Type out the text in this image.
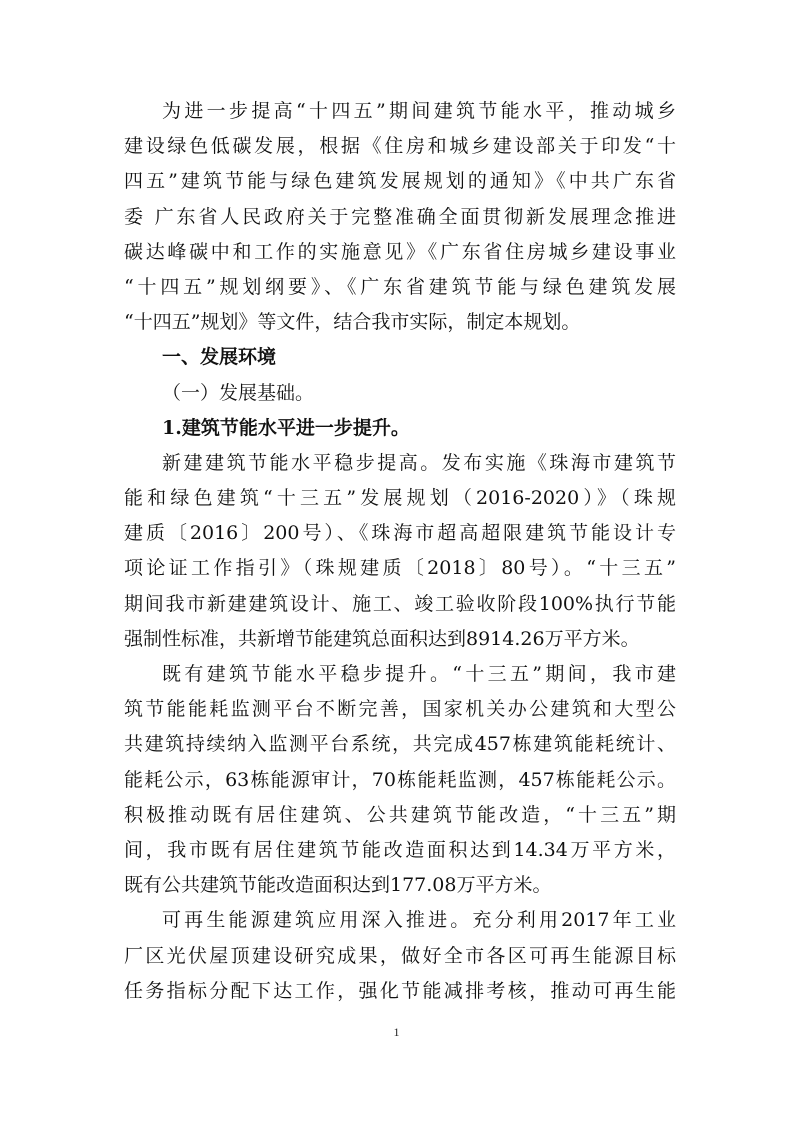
为进一步提高“十四五”期间建筑节能水平，推动城乡
建设绿色低碳发展，根据《住房和城乡建设部关于印发“十
四五”建筑节能与绿色建筑发展规划的通知》《中共广东省
委 广东省人民政府关于完整准确全面贯彻新发展理念推进
碳达峰碳中和工作的实施意见》《广东省住房城乡建设事业
“十四五”规划纲要》、《广东省建筑节能与绿色建筑发展
“十四五”规划》等文件，结合我市实际，制定本规划。
一、发展环境
（一）发展基础。
1.建筑节能水平进一步提升。
新建建筑节能水平稳步提高。发布实施《珠海市建筑节
能和绿色建筑“十三五”发展规划（2016-2020）》（珠规
建质〔2016〕200号）、《珠海市超高超限建筑节能设计专
项论证工作指引》（珠规建质〔2018〕80号）。“十三五”
期间我市新建建筑设计、施工、竣工验收阶段100%执行节能
强制性标准，共新增节能建筑总面积达到8914.26万平方米。
既有建筑节能水平稳步提升。“十三五”期间，我市建
筑节能能耗监测平台不断完善，国家机关办公建筑和大型公
共建筑持续纳入监测平台系统，共完成457栋建筑能耗统计、
能耗公示，63栋能源审计，70栋能耗监测，457栋能耗公示。
积极推动既有居住建筑、公共建筑节能改造，“十三五”期
间，我市既有居住建筑节能改造面积达到14.34万平方米，
既有公共建筑节能改造面积达到177.08万平方米。
可再生能源建筑应用深入推进。充分利用2017年工业
厂区光伏屋顶建设研究成果，做好全市各区可再生能源目标
任务指标分配下达工作，强化节能减排考核，推动可再生能
1
